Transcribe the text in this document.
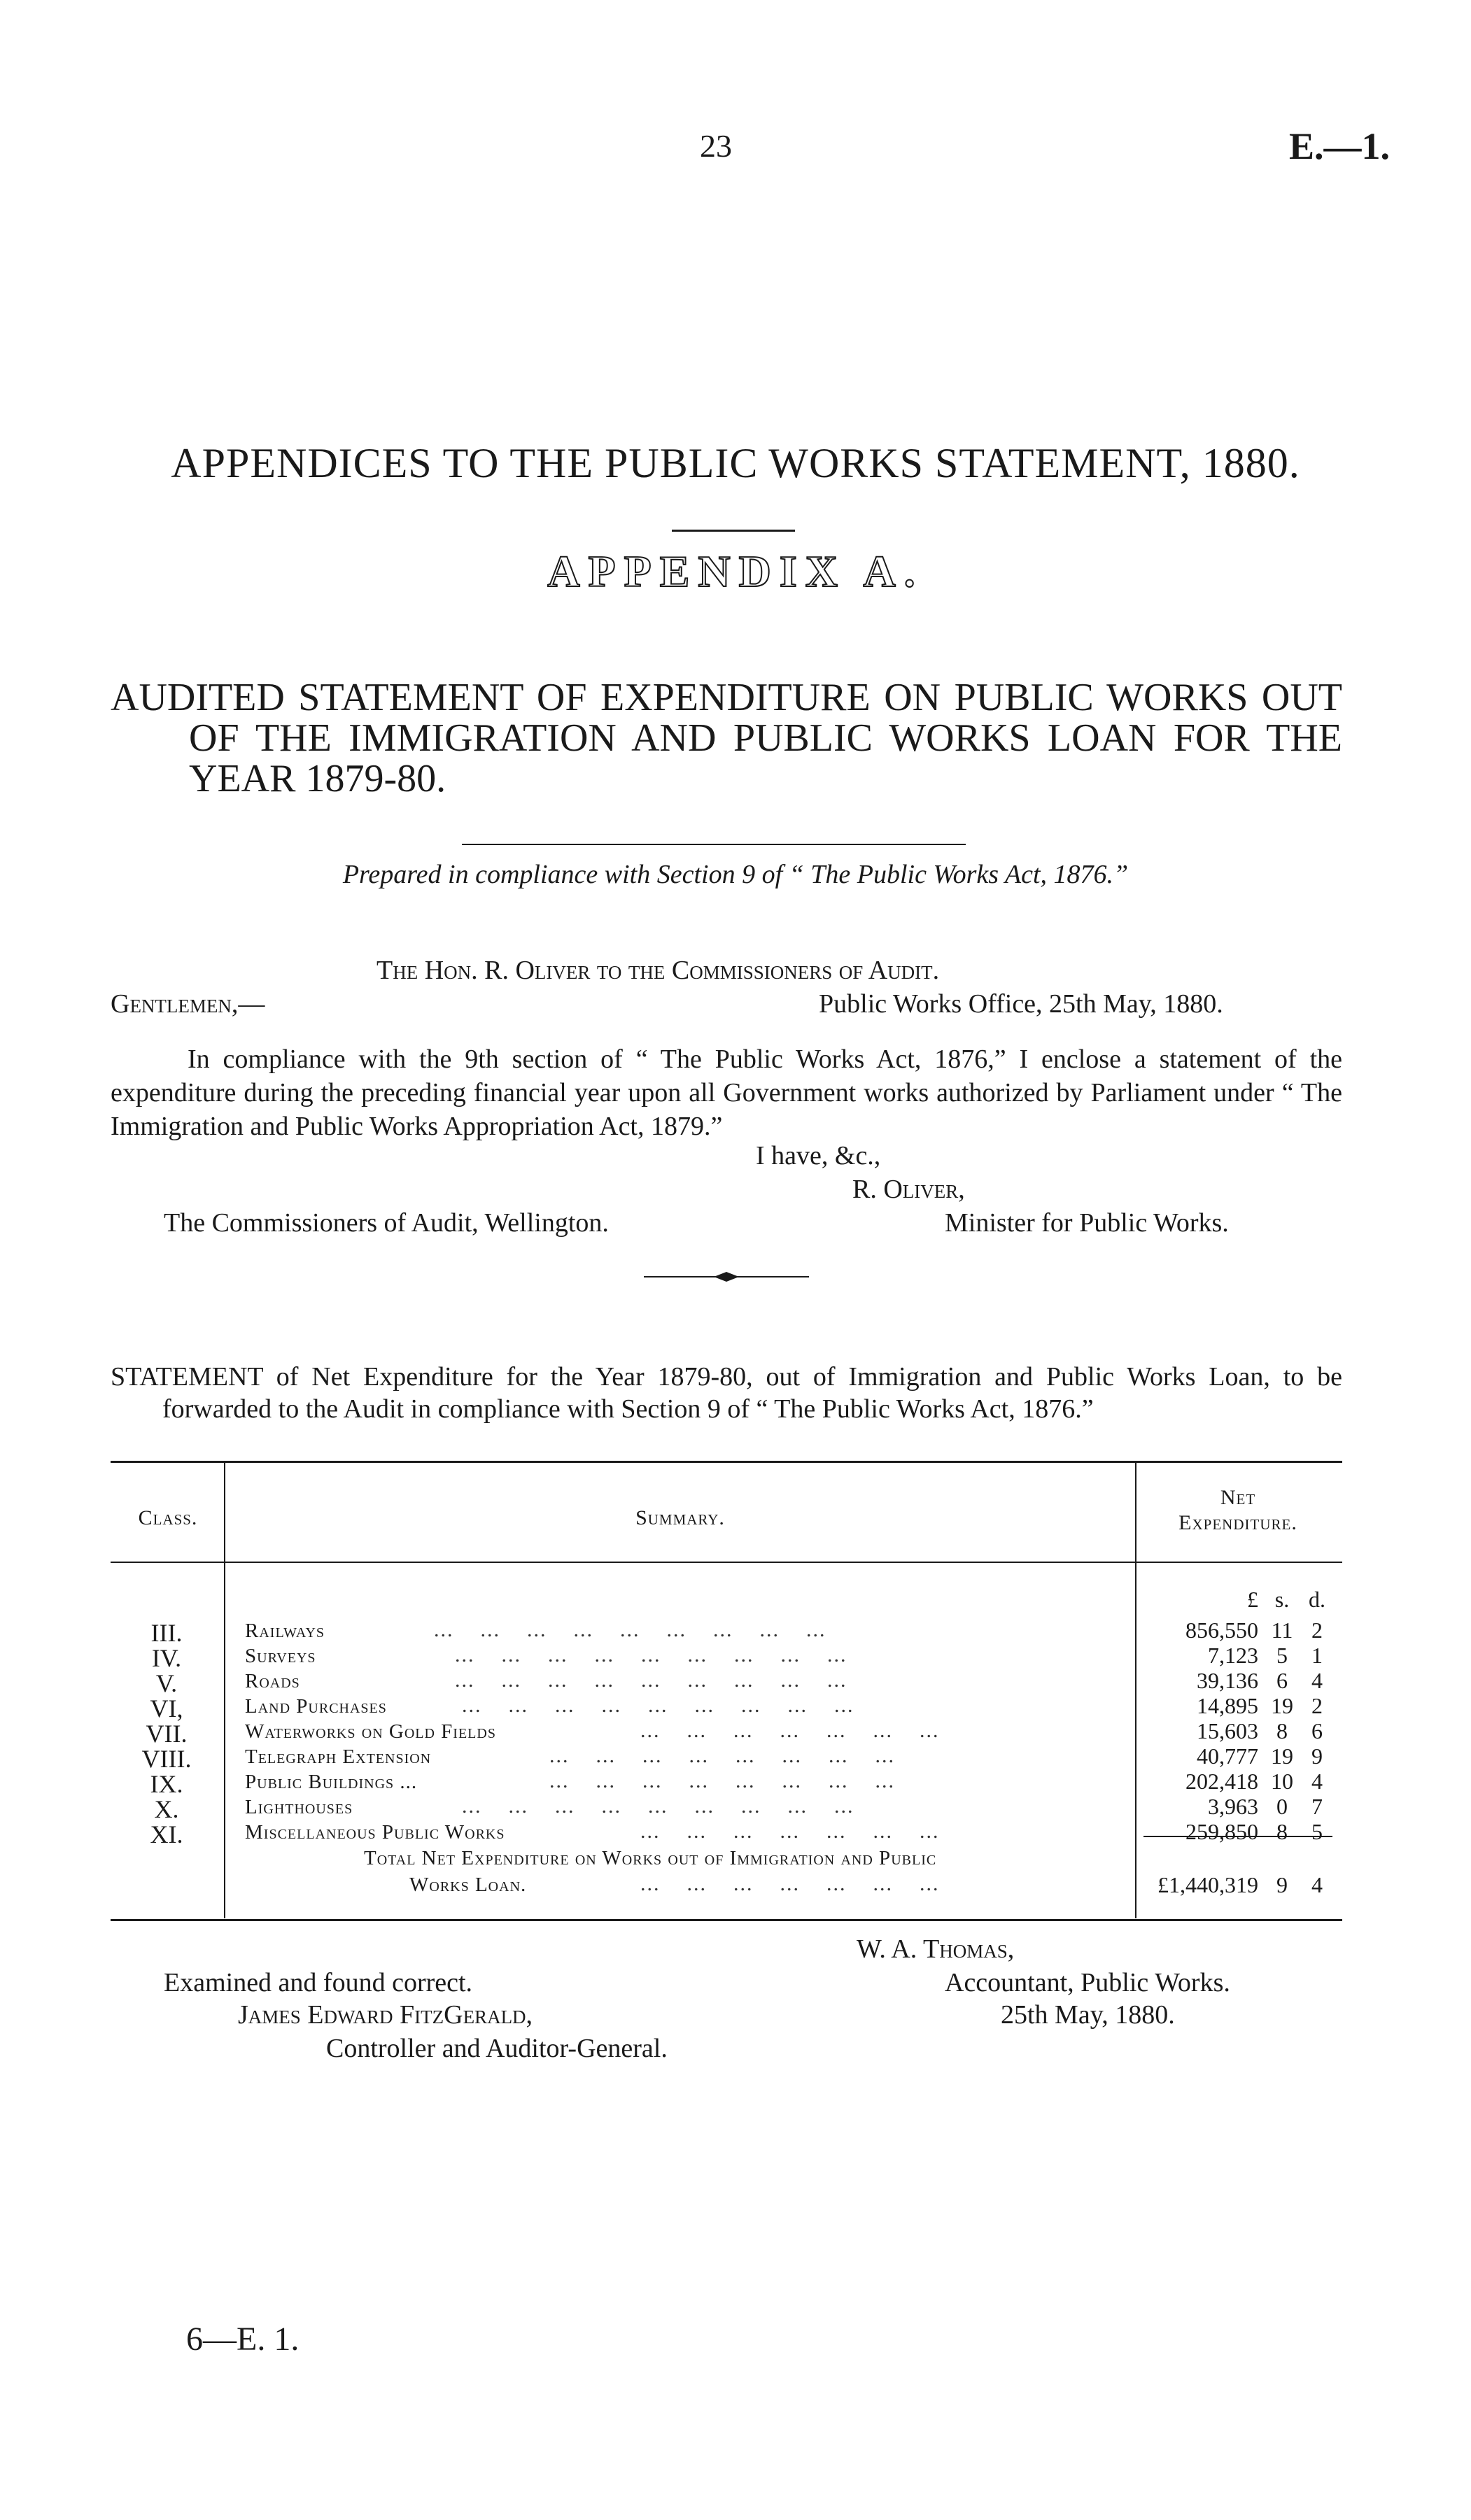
23	E.—1.
APPENDICES TO THE PUBLIC WORKS STATEMENT, 1880.
APPENDIX A.
AUDITED STATEMENT OF EXPENDITURE ON PUBLIC WORKS OUT OF THE IMMIGRATION AND PUBLIC WORKS LOAN FOR THE YEAR 1879-80.
Prepared in compliance with Section 9 of “ The Public Works Act, 1876.”
The Hon. R. Oliver to the Commissioners of Audit.
Gentlemen,—	Public Works Office, 25th May, 1880.
In compliance with the 9th section of “ The Public Works Act, 1876,” I enclose a statement of the expenditure during the preceding financial year upon all Government works authorized by Parliament under “ The Immigration and Public Works Appropriation Act, 1879.”
I have, &c.,
R. Oliver,
The Commissioners of Audit, Wellington.	Minister for Public Works.
STATEMENT of Net Expenditure for the Year 1879-80, out of Immigration and Public Works Loan, to be forwarded to the Audit in compliance with Section 9 of “ The Public Works Act, 1876.”
Class.	Summary.
Net
Expenditure.
£ s. d.
III.	Railways	...    ...    ...    ...    ...    ...    ...    ...    ...	856,550 11 2
IV.	Surveys	...    ...    ...    ...    ...    ...    ...    ...    ...	7,123 5	1
V.	Roads	...    ...    ...    ...    ...    ...    ...    ...    ...	39,136 6	4
VI,	Land Purchases	...    ...    ...    ...    ...    ...    ...    ...    ...	14,895 19 2
VII.	Waterworks on Gold Fields	...    ...    ...    ...    ...    ...    ...	15,603 8	6
VIII.	Telegraph Extension	...    ...    ...    ...    ...    ...    ...    ...	40,777 19 9
IX.	Public Buildings ...	...    ...    ...    ...    ...    ...    ...    ...	202,418 10 4
X.	Lighthouses	...    ...    ...    ...    ...    ...    ...    ...    ...	3,963 0	7
XI.	Miscellaneous Public Works	...    ...    ...    ...    ...    ...    ...	259,850 8	5
Total Net Expenditure on Works out of Immigration and Public
Works Loan.	...    ...    ...    ...    ...    ...    ...	£1,440,319 9	4
W. A. Thomas,
Examined and found correct.	Accountant, Public Works.
James Edward FitzGerald,	25th May, 1880.
Controller and Auditor-General.
6—E. 1.
